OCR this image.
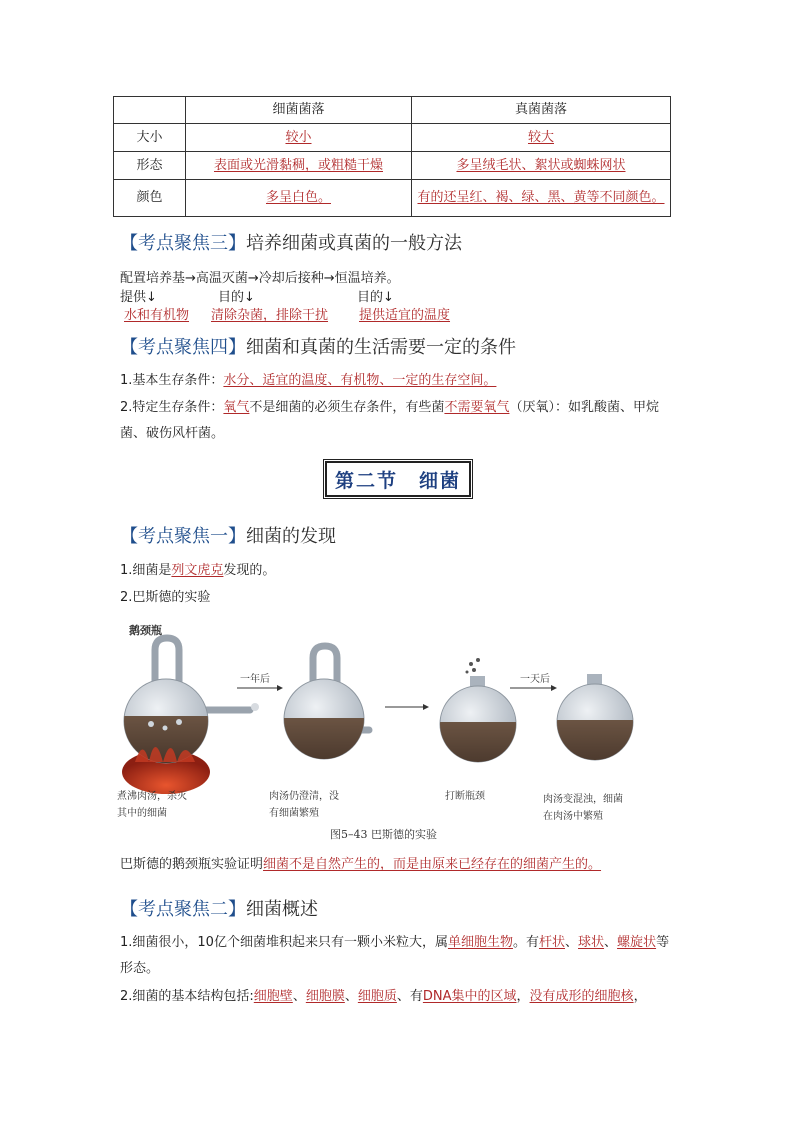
	细菌菌落	真菌菌落
大小	较小	较大
形态	表面或光滑黏稠，或粗糙干燥	多呈绒毛状、絮状或蜘蛛网状
颜色	多呈白色。	有的还呈红、褐、绿、黑、黄等不同颜色。
【考点聚焦三】培养细菌或真菌的一般方法
配置培养基→高温灭菌→冷却后接种→恒温培养。
提供↓	目的↓	目的↓
水和有机物 清除杂菌，排除干扰 提供适宜的温度
【考点聚焦四】细菌和真菌的生活需要一定的条件
1.基本生存条件：水分、适宜的温度、有机物、一定的生存空间。
2.特定生存条件：氧气不是细菌的必须生存条件，有些菌不需要氧气（厌氧）：如乳酸菌、甲烷菌、破伤风杆菌。
第二节　细菌
【考点聚焦一】细菌的发现
1.细菌是列文虎克发现的。
2.巴斯德的实验
鹅颈瓶
一年后	一天后
煮沸肉汤，杀灭
其中的细菌
肉汤仍澄清，没
有细菌繁殖
打断瓶颈	肉汤变混浊，细菌
在肉汤中繁殖
图5–43 巴斯德的实验
巴斯德的鹅颈瓶实验证明细菌不是自然产生的，而是由原来已经存在的细菌产生的。
【考点聚焦二】细菌概述
1.细菌很小，10亿个细菌堆积起来只有一颗小米粒大，属单细胞生物。有杆状、球状、螺旋状等形态。
2.细菌的基本结构包括:细胞壁、细胞膜、细胞质、有DNA集中的区域，没有成形的细胞核，
